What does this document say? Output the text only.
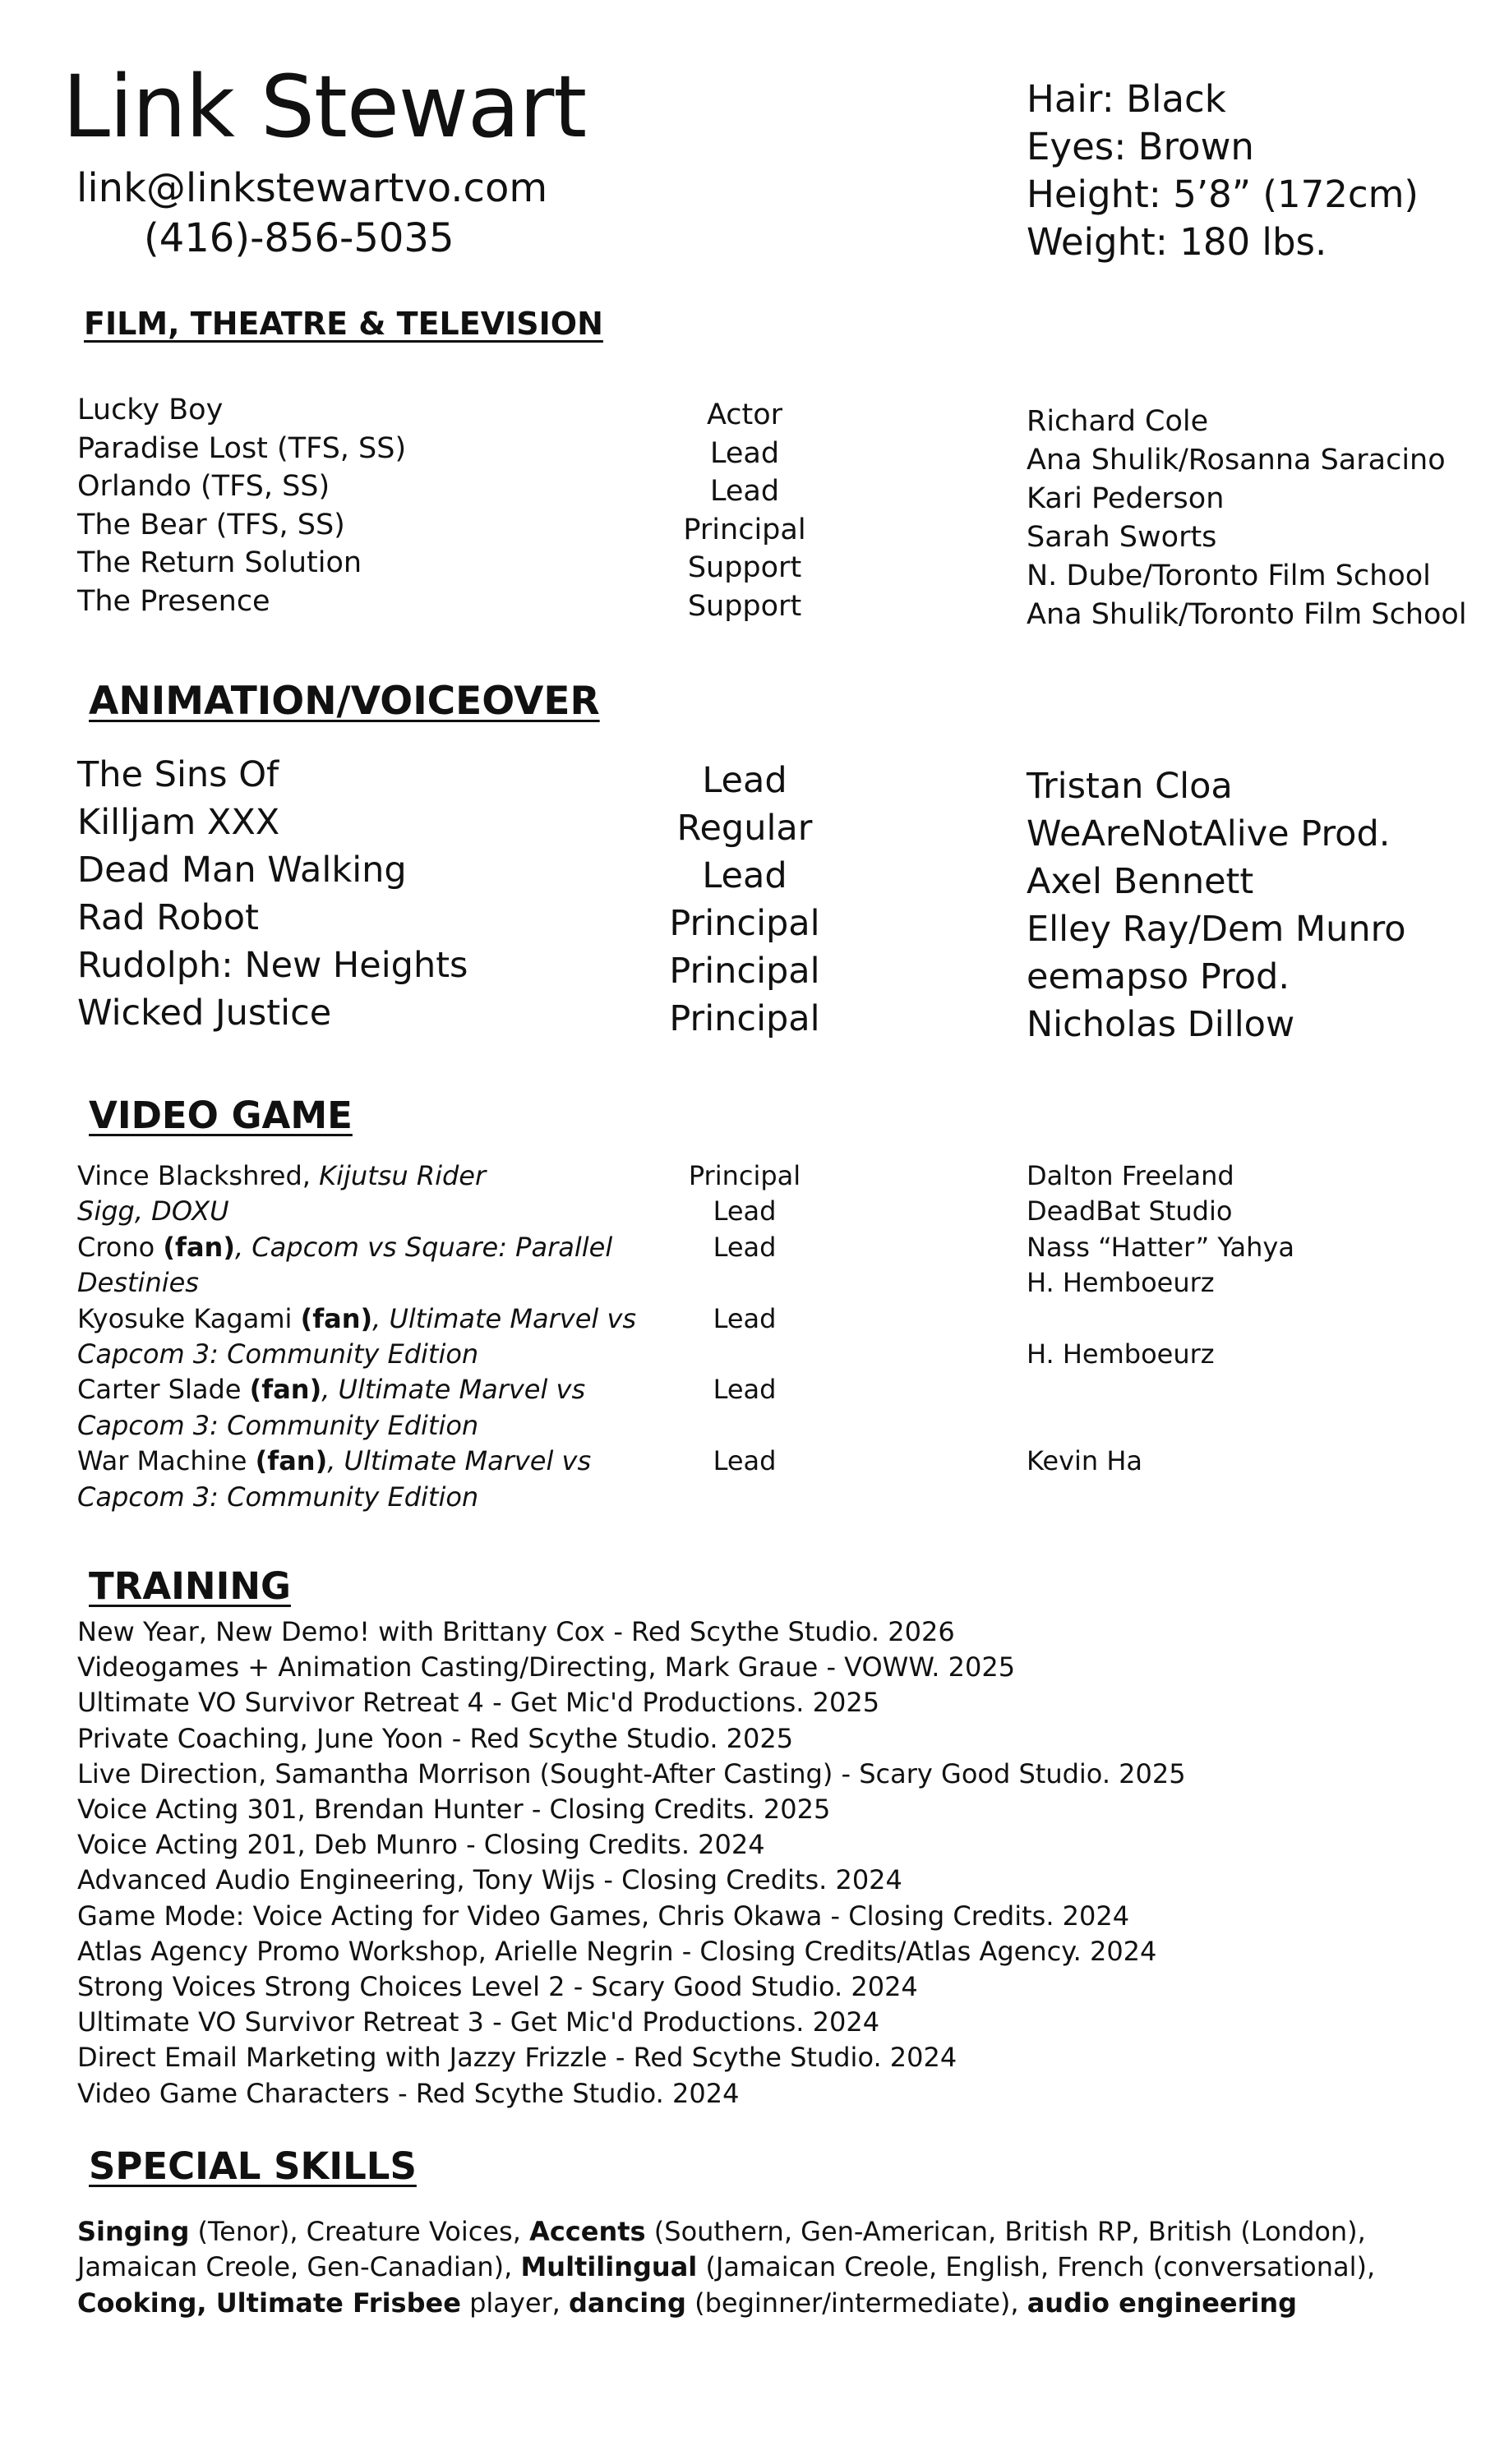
Link Stewart
link@linkstewartvo.com
(416)-856-5035
Hair: Black
Eyes: Brown
Height: 5’8” (172cm)
Weight: 180 lbs.
FILM, THEATRE & TELEVISION
Lucky Boy
Paradise Lost (TFS, SS)
Orlando (TFS, SS)
The Bear (TFS, SS)
The Return Solution
The Presence
Actor
Lead
Lead
Principal
Support
Support
Richard Cole
Ana Shulik/Rosanna Saracino
Kari Pederson
Sarah Sworts
N. Dube/Toronto Film School
Ana Shulik/Toronto Film School
ANIMATION/VOICEOVER
The Sins Of
Killjam XXX
Dead Man Walking
Rad Robot
Rudolph: New Heights
Wicked Justice
Lead
Regular
Lead
Principal
Principal
Principal
Tristan Cloa
WeAreNotAlive Prod.
Axel Bennett
Elley Ray/Dem Munro
eemapso Prod.
Nicholas Dillow
VIDEO GAME
Vince Blackshred, Kijutsu Rider
Sigg, DOXU
Crono (fan), Capcom vs Square: Parallel
Destinies
Kyosuke Kagami (fan), Ultimate Marvel vs
Capcom 3: Community Edition
Carter Slade (fan), Ultimate Marvel vs
Capcom 3: Community Edition
War Machine (fan), Ultimate Marvel vs
Capcom 3: Community Edition
Principal
Lead
Lead

Lead

Lead

Lead

Dalton Freeland
DeadBat Studio
Nass “Hatter” Yahya
H. Hemboeurz

H. Hemboeurz

Kevin Ha

TRAINING
New Year, New Demo! with Brittany Cox - Red Scythe Studio. 2026
Videogames + Animation Casting/Directing, Mark Graue - VOWW. 2025
Ultimate VO Survivor Retreat 4 - Get Mic'd Productions. 2025
Private Coaching, June Yoon - Red Scythe Studio. 2025
Live Direction, Samantha Morrison (Sought-After Casting) - Scary Good Studio. 2025
Voice Acting 301, Brendan Hunter - Closing Credits. 2025
Voice Acting 201, Deb Munro - Closing Credits. 2024
Advanced Audio Engineering, Tony Wijs - Closing Credits. 2024
Game Mode: Voice Acting for Video Games, Chris Okawa - Closing Credits. 2024
Atlas Agency Promo Workshop, Arielle Negrin - Closing Credits/Atlas Agency. 2024
Strong Voices Strong Choices Level 2 - Scary Good Studio. 2024
Ultimate VO Survivor Retreat 3 - Get Mic'd Productions. 2024
Direct Email Marketing with Jazzy Frizzle - Red Scythe Studio. 2024
Video Game Characters - Red Scythe Studio. 2024
SPECIAL SKILLS
Singing (Tenor), Creature Voices, Accents (Southern, Gen-American, British RP, British (London), Jamaican Creole, Gen-Canadian), Multilingual (Jamaican Creole, English, French (conversational), Cooking, Ultimate Frisbee player, dancing (beginner/intermediate), audio engineering
